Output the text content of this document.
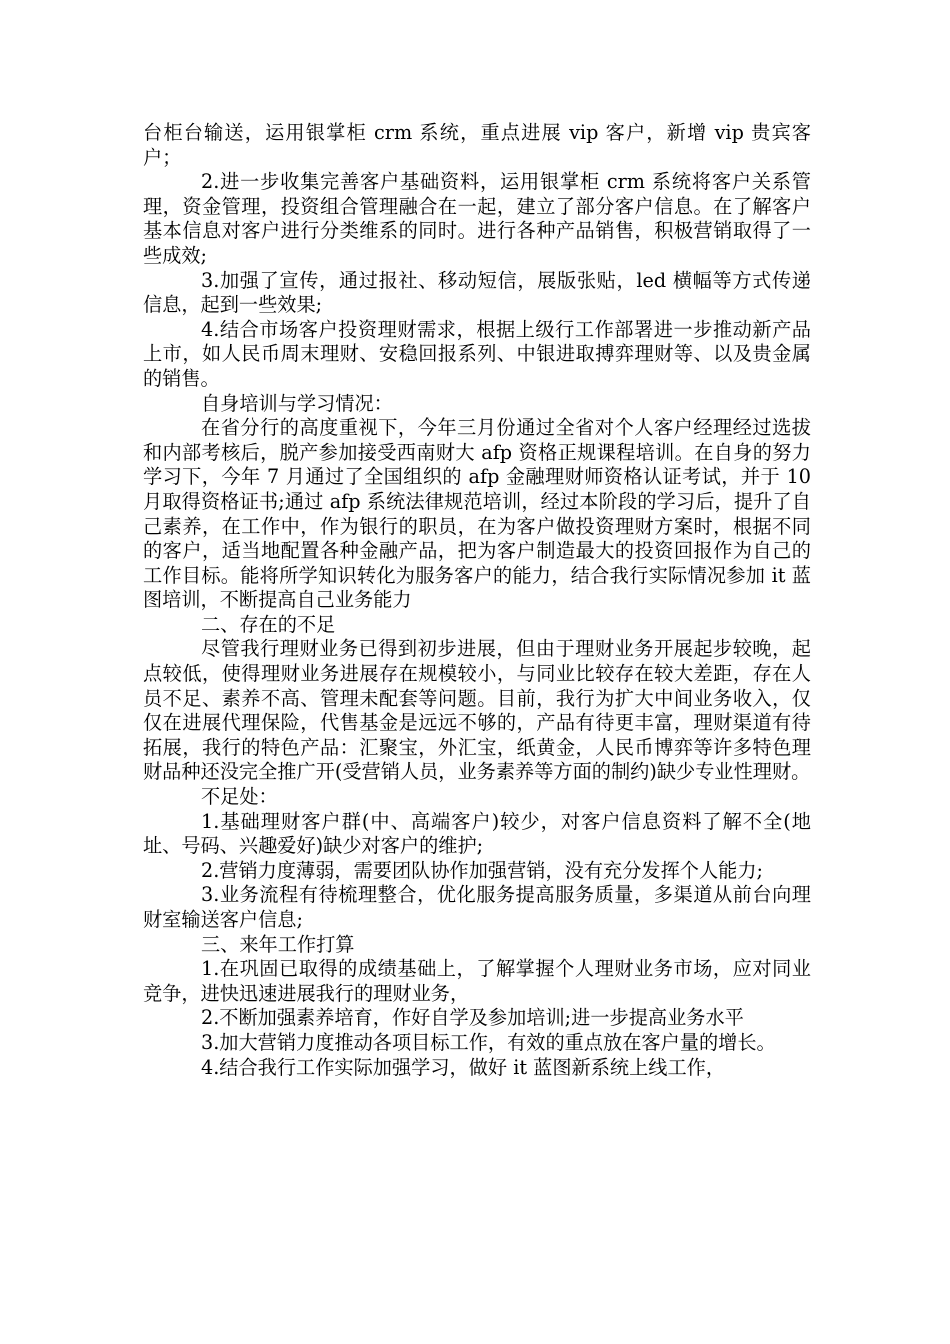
台柜台输送，运用银掌柜 crm 系统，重点进展 vip 客户，新增 vip 贵宾客户；

2.进一步收集完善客户基础资料，运用银掌柜 crm 系统将客户关系管理，资金管理，投资组合管理融合在一起，建立了部分客户信息。在了解客户基本信息对客户进行分类维系的同时。进行各种产品销售，积极营销取得了一些成效;

3.加强了宣传，通过报社、移动短信，展版张贴，led 横幅等方式传递信息，起到一些效果;

4.结合市场客户投资理财需求，根据上级行工作部署进一步推动新产品上市，如人民币周末理财、安稳回报系列、中银进取搏弈理财等、以及贵金属的销售。

自身培训与学习情况：

在省分行的高度重视下，今年三月份通过全省对个人客户经理经过选拔和内部考核后，脱产参加接受西南财大 afp 资格正规课程培训。在自身的努力学习下，今年 7 月通过了全国组织的 afp 金融理财师资格认证考试，并于 10 月取得资格证书;通过 afp 系统法律规范培训，经过本阶段的学习后，提升了自己素养，在工作中，作为银行的职员，在为客户做投资理财方案时，根据不同的客户，适当地配置各种金融产品，把为客户制造最大的投资回报作为自己的工作目标。能将所学知识转化为服务客户的能力，结合我行实际情况参加 it 蓝图培训，不断提高自己业务能力

二、存在的不足

尽管我行理财业务已得到初步进展，但由于理财业务开展起步较晚，起点较低，使得理财业务进展存在规模较小，与同业比较存在较大差距，存在人员不足、素养不高、管理未配套等问题。目前，我行为扩大中间业务收入，仅仅在进展代理保险，代售基金是远远不够的，产品有待更丰富，理财渠道有待拓展，我行的特色产品：汇聚宝，外汇宝，纸黄金，人民币博弈等许多特色理财品种还没完全推广开(受营销人员，业务素养等方面的制约)缺少专业性理财。

不足处：

1.基础理财客户群(中、高端客户)较少，对客户信息资料了解不全(地址、号码、兴趣爱好)缺少对客户的维护;

2.营销力度薄弱，需要团队协作加强营销，没有充分发挥个人能力;

3.业务流程有待梳理整合，优化服务提高服务质量，多渠道从前台向理财室输送客户信息;

三、来年工作打算

1.在巩固已取得的成绩基础上，了解掌握个人理财业务市场，应对同业竞争，进快迅速进展我行的理财业务，

2.不断加强素养培育，作好自学及参加培训;进一步提高业务水平

3.加大营销力度推动各项目标工作，有效的重点放在客户量的增长。

4.结合我行工作实际加强学习，做好 it 蓝图新系统上线工作，
